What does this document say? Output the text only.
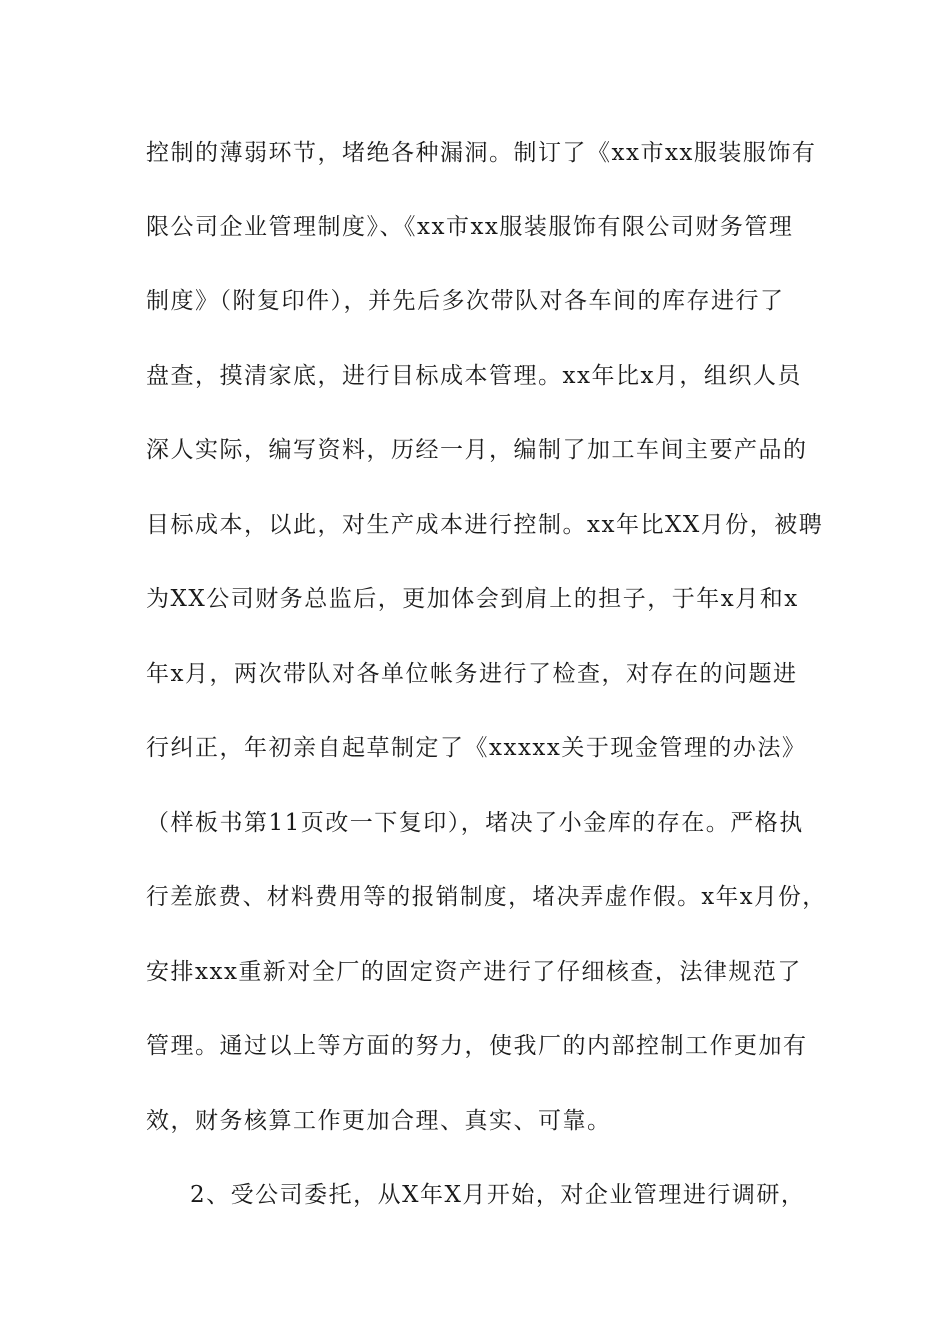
控制的薄弱环节，堵绝各种漏洞。制订了《xx市xx服装服饰有
限公司企业管理制度》、《xx市xx服装服饰有限公司财务管理
制度》（附复印件），并先后多次带队对各车间的库存进行了
盘查，摸清家底，进行目标成本管理。xx年比x月，组织人员
深人实际，编写资料，历经一月，编制了加工车间主要产品的
目标成本，以此，对生产成本进行控制。xx年比XX月份，被聘
为XX公司财务总监后，更加体会到肩上的担子，于年x月和x
年x月，两次带队对各单位帐务进行了检查，对存在的问题进
行纠正，年初亲自起草制定了《xxxxx关于现金管理的办法》
（样板书第11页改一下复印），堵决了小金库的存在。严格执
行差旅费、材料费用等的报销制度，堵决弄虚作假。x年x月份，
安排xxx重新对全厂的固定资产进行了仔细核查，法律规范了
管理。通过以上等方面的努力，使我厂的内部控制工作更加有
效，财务核算工作更加合理、真实、可靠。
2、受公司委托，从X年X月开始，对企业管理进行调研，
